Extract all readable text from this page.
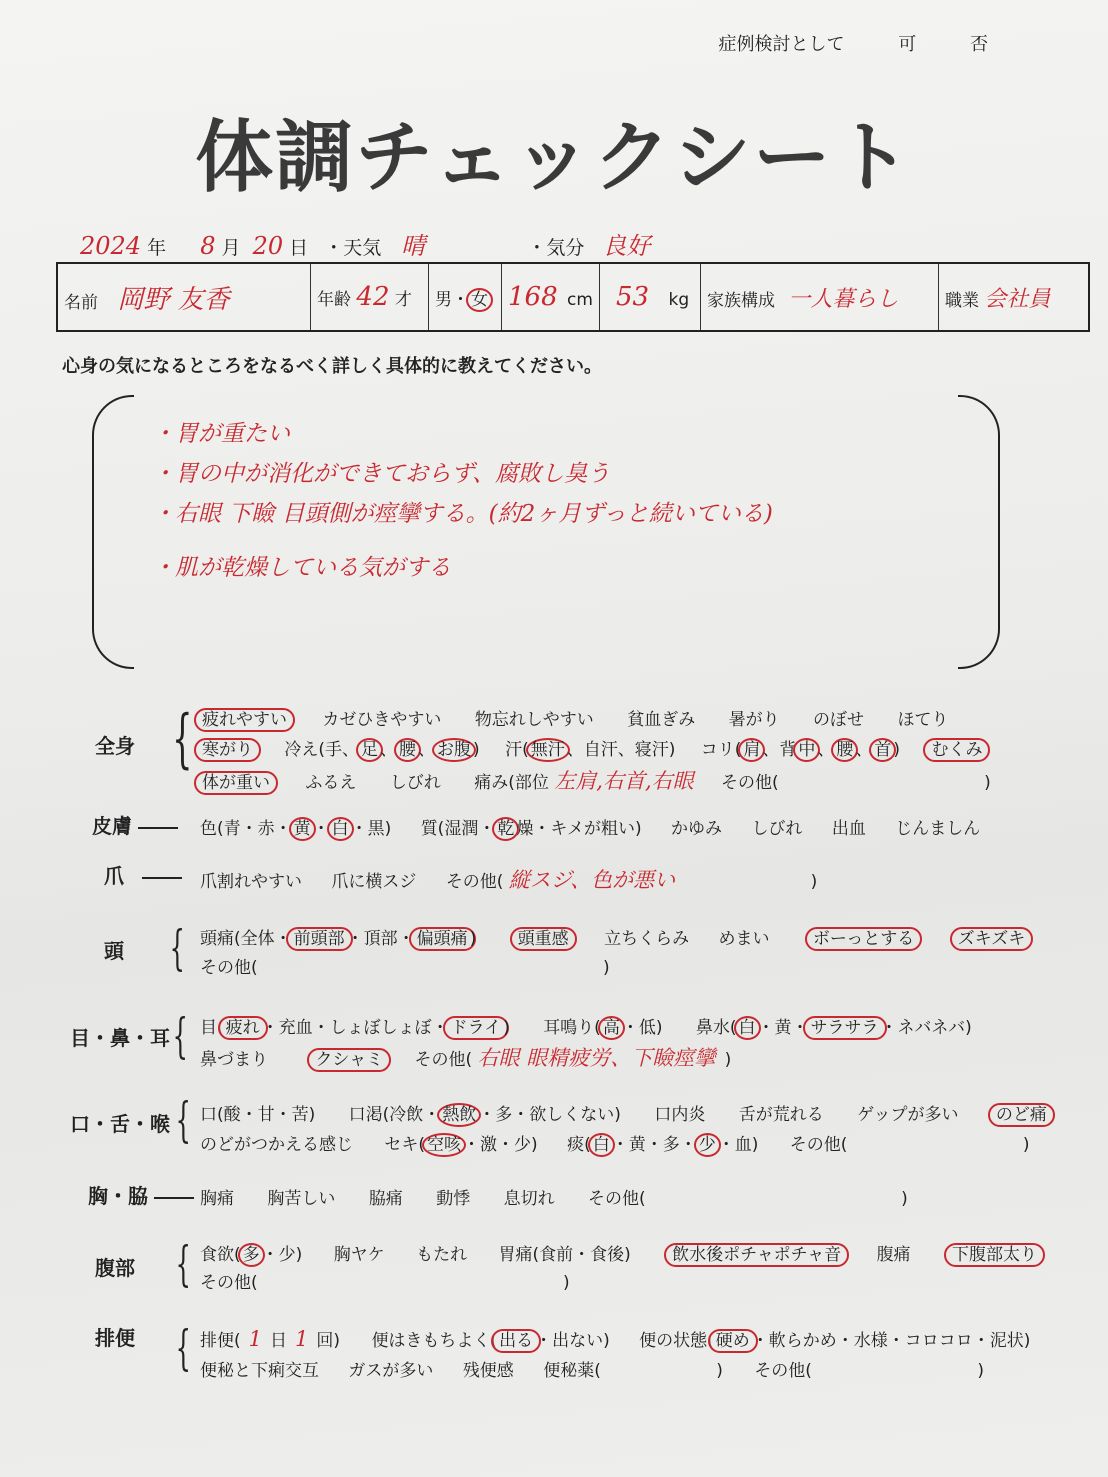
症例検討として	可	否
体調チェックシート
2024 年 8 月 20 日 ・天気 晴	・気分 良好
名前 岡野 友香	年齢 42 才	男・ 女	168 cm	53 kg	家族構成 一人暮らし	職業 会社員
心身の気になるところをなるべく詳しく具体的に教えてください。
・胃が重たい
・胃の中が消化ができておらず、腐敗し臭う
・右眼 下瞼 目頭側が痙攣する。(約2ヶ月ずっと続いている)
・肌が乾燥している気がする
全身 { 疲れやすい カゼひきやすい 物忘れしやすい 貧血ぎみ 暑がり のぼせ ほてり
寒がり 冷え(手、 足 、 腰 、 お腹 ) 汗( 無汗 、自汗、寝汗) コリ( 肩 、背 中 、 腰 、 首 ) むくみ
体が重い ふるえ しびれ 痛み(部位 左肩,右首,右眼 その他(	)
皮膚	色(青・赤・ 黄 ・ 白 ・黒) 質(湿潤・ 乾 燥・キメが粗い) かゆみ しびれ 出血 じんましん
爪	爪割れやすい 爪に横スジ その他( 縦スジ、色が悪い	)
頭 { 頭痛(全体・ 前頭部 ・頂部・ 偏頭痛 ) 頭重感 立ちくらみ めまい	ボーっとする	ズキズキ
その他(	)
目・鼻・耳 { 目( 疲れ ・充血・しょぼしょぼ・ ドライ ) 耳鳴り( 高 ・低) 鼻水( 白 ・黄・ サラサラ ・ネバネバ)
鼻づまり	クシャミ その他( 右眼 眼精疲労、下瞼痙攣 )
口・舌・喉 { 口(酸・甘・苦) 口渇(冷飲・ 熱飲 ・多・欲しくない) 口内炎 舌が荒れる ゲップが多い のど痛
のどがつかえる感じ セキ( 空咳 ・激・少) 痰( 白 ・黄・多・ 少 ・血) その他(	)
胸・脇	胸痛 胸苦しい 脇痛 動悸 息切れ その他(	)
腹部 { 食欲( 多 ・少) 胸ヤケ もたれ 胃痛(食前・食後) 飲水後ポチャポチャ音 腹痛 下腹部太り
その他(	)
排便 { 排便( 1 日 1 回) 便はきもちよく( 出る ・出ない) 便の状態( 硬め ・軟らかめ・水様・コロコロ・泥状)
便秘と下痢交互 ガスが多い 残便感 便秘薬(	) その他(	)
